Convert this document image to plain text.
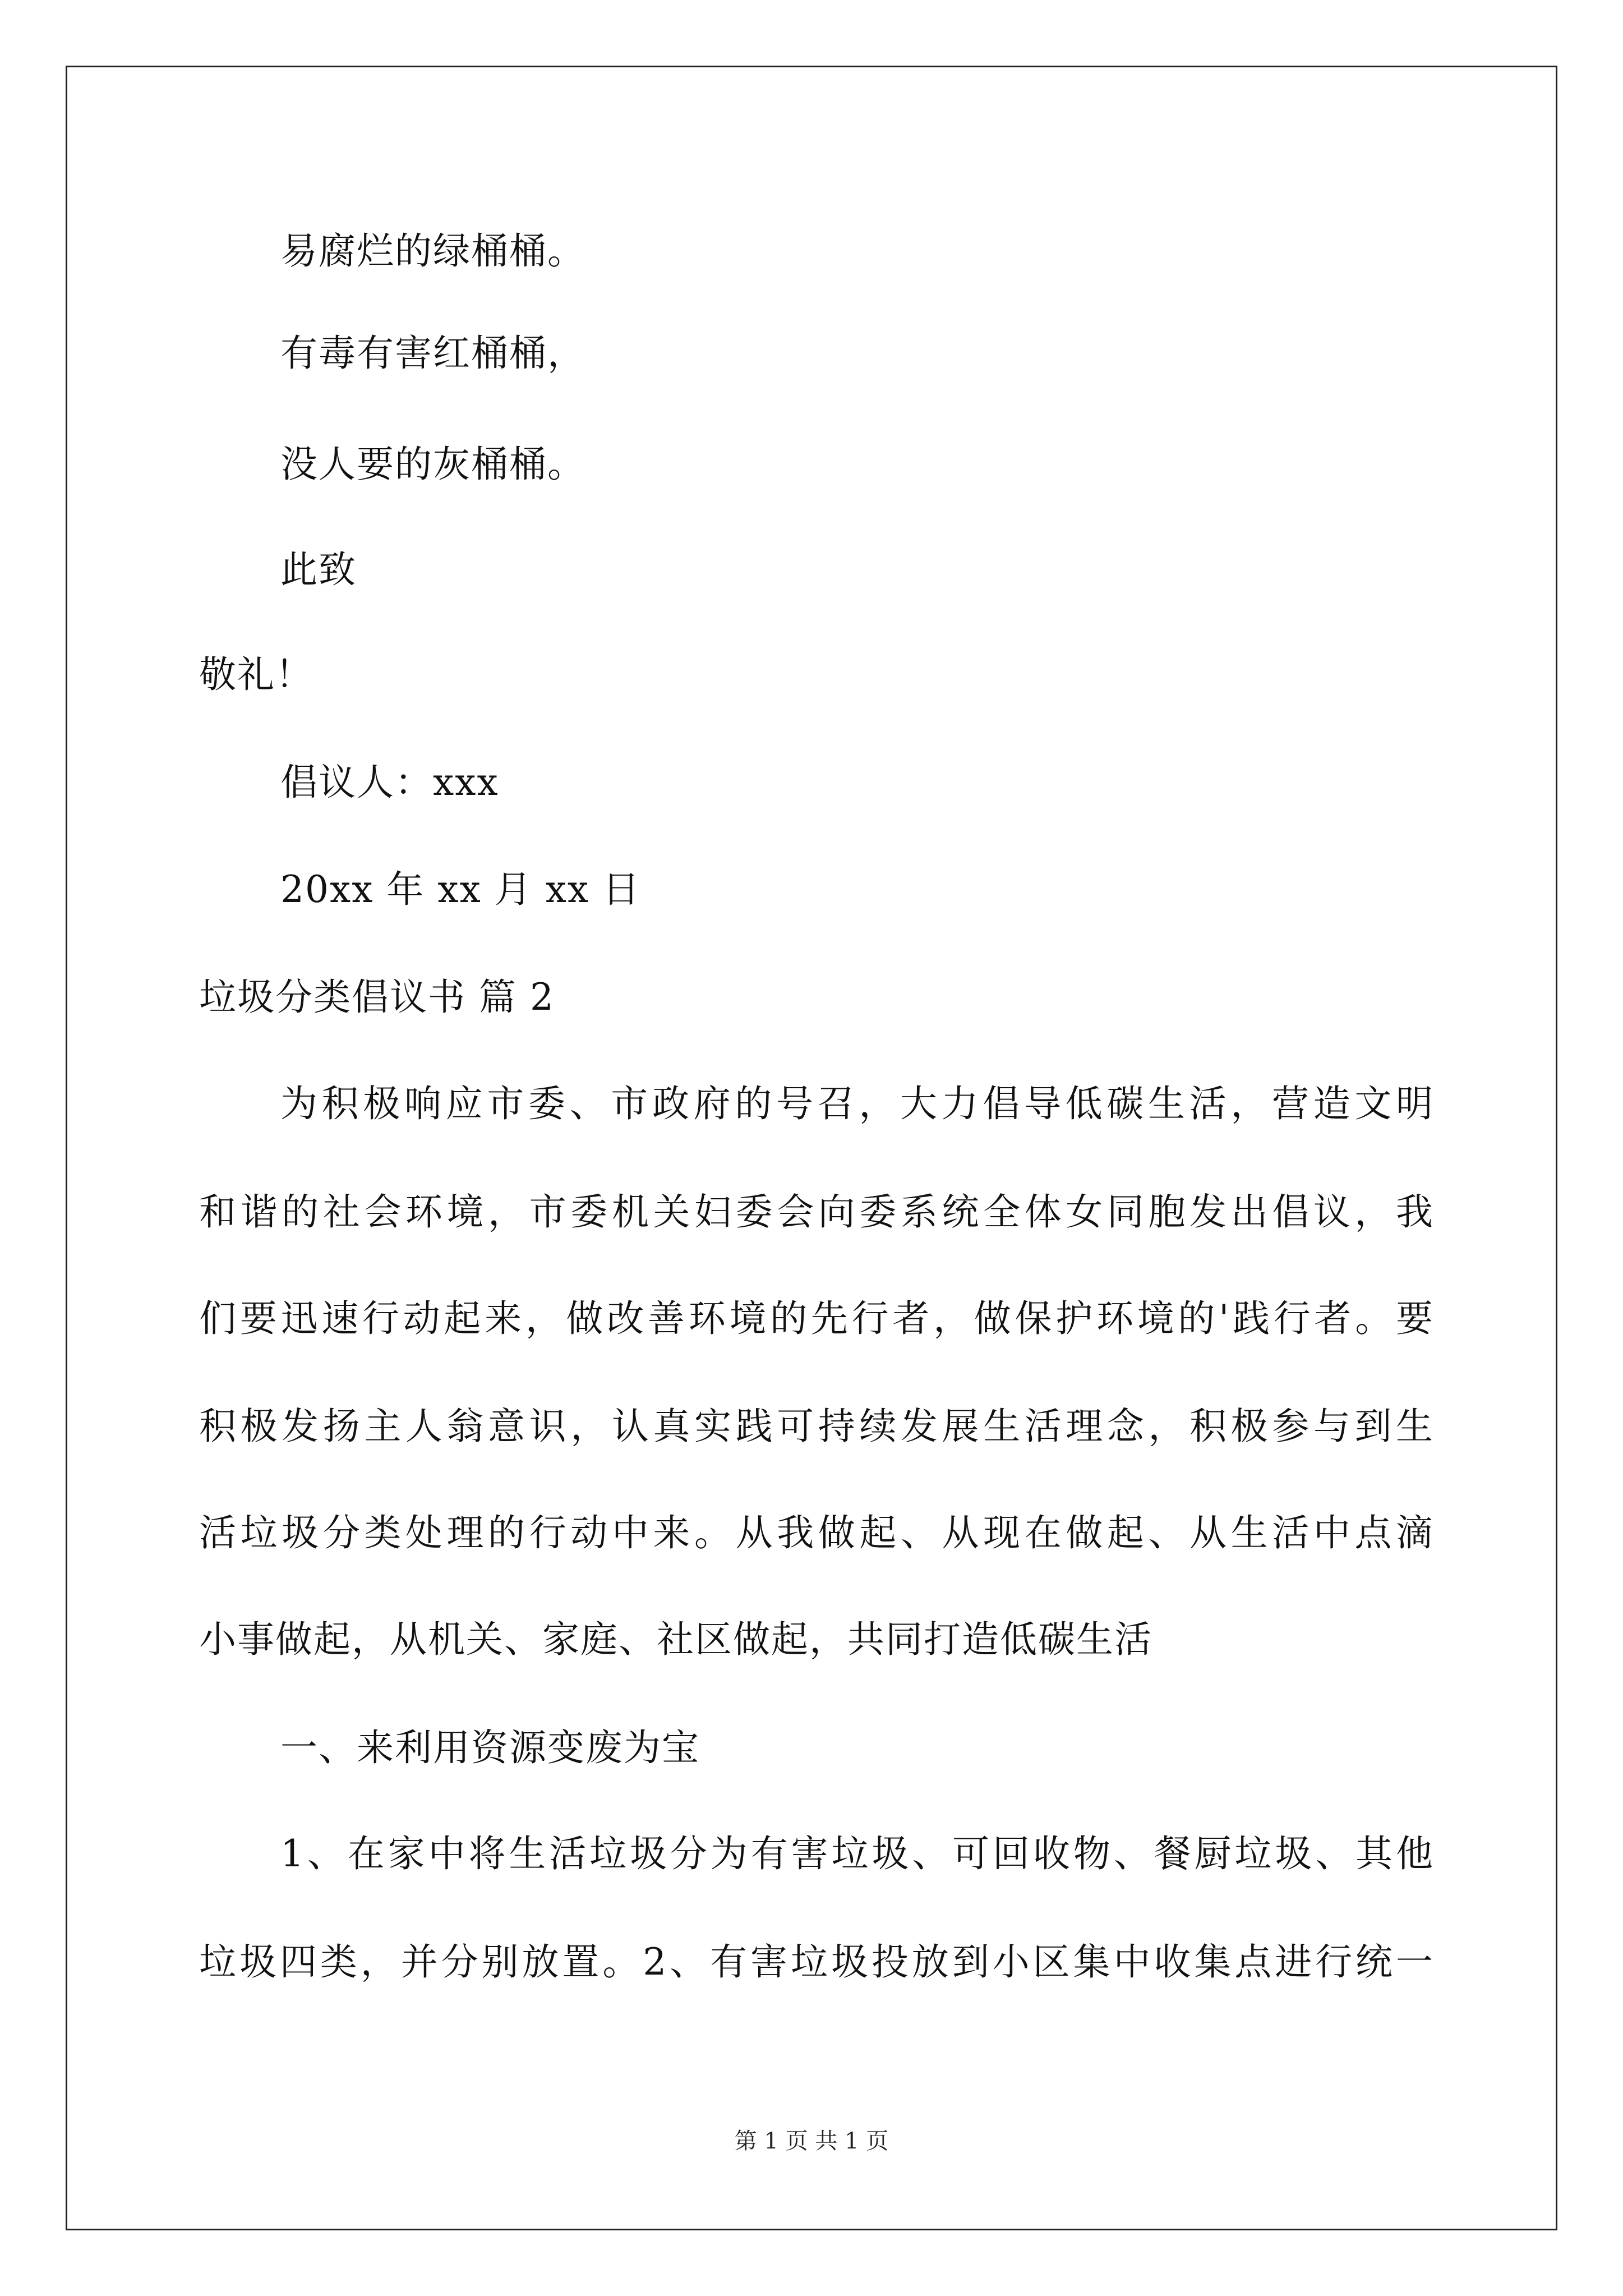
易腐烂的绿桶桶。
有毒有害红桶桶，
没人要的灰桶桶。
此致
敬礼！
倡议人：xxx
20xx 年 xx 月 xx 日
垃圾分类倡议书 篇 2
为积极响应市委、市政府的号召，大力倡导低碳生活，营造文明
和谐的社会环境，市委机关妇委会向委系统全体女同胞发出倡议，我
们要迅速行动起来，做改善环境的先行者，做保护环境的'践行者。要
积极发扬主人翁意识，认真实践可持续发展生活理念，积极参与到生
活垃圾分类处理的行动中来。从我做起、从现在做起、从生活中点滴
小事做起，从机关、家庭、社区做起，共同打造低碳生活
一、来利用资源变废为宝
1、在家中将生活垃圾分为有害垃圾、可回收物、餐厨垃圾、其他
垃圾四类，并分别放置。2、有害垃圾投放到小区集中收集点进行统一
第 1 页 共 1 页
